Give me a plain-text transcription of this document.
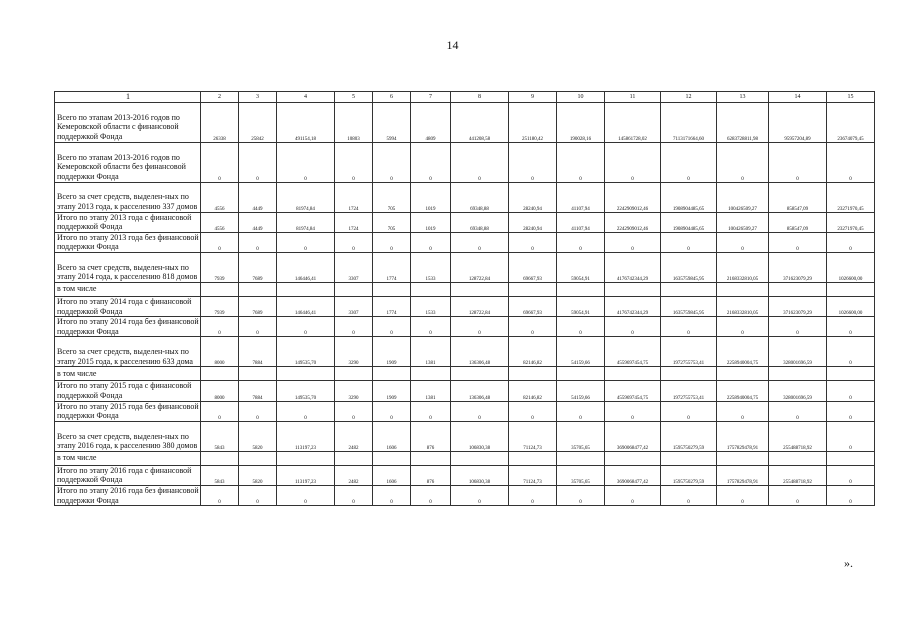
14
1	2	3	4	5	6	7	8	9	10	11	12	13	14	15
Всего по этапам 2013-2016 годов по Кемеровской области с финансовой поддержкой Фонда	26338	25842	491154,18	10803	5994	4809	441208,58	251180,42	190028,16	145861728,02	7113171664,60	6283728811,98	95957204,89	23674079,45
Всего по этапам 2013-2016 годов по Кемеровской области без финансовой поддержки Фонда	0	0	0	0	0	0	0	0	0	0	0	0	0	0
Всего за счет средств, выделен-ных по этапу 2013 года, к расселению 337 домов	4556	4449	81974,84	1724	705	1019	69348,88	28240,94	41107,94	2242909012,46	1908904485,65	100426509,27	858547,09	23271970,45
Итого по этапу 2013 года с финансовой поддержкой Фонда	4556	4449	81974,84	1724	705	1019	69348,88	28240,94	41107,94	2242909012,46	1908904485,65	100426509,27	858547,09	23271970,45
Итого по этапу 2013 года без финансовой поддержки Фонда	0	0	0	0	0	0	0	0	0	0	0	0	0	0
Всего за счет средств, выделен-ных по этапу 2014 года, к расселению 818 домов	7939	7689	146446,41	3307	1774	1533	128722,84	69667,93	59054,91	4176742344,29	1635759845,95	2168332810,05	371623079,29	1026600,00
в том числе														
Итого по этапу 2014 года с финансовой поддержкой Фонда	7939	7689	146446,41	3307	1774	1533	128722,84	69667,93	59054,91	4176742344,29	1635759845,95	2168332810,05	371623079,29	1026600,00
Итого по этапу 2014 года без финансовой поддержки Фонда	0	0	0	0	0	0	0	0	0	0	0	0	0	0
Всего за счет средств, выделен-ных по этапу 2015 года, к расселению 633 дома	8000	7884	149535,70	3290	1909	1381	136306,48	82146,82	54159,66	4559697454,75	1972755753,41	2258940004,75	328001696,59	0
в том числе														
Итого по этапу 2015 года с финансовой поддержкой Фонда	8000	7884	149535,70	3290	1909	1381	136306,48	82146,82	54159,66	4559697454,75	1972755753,41	2258940004,75	328001696,59	0
Итого по этапу 2015 года без финансовой поддержки Фонда	0	0	0	0	0	0	0	0	0	0	0	0	0	0
Всего за счет средств, выделен-ных по этапу 2016 года, к расселению 380 домов	5843	5820	113197,23	2482	1606	876	106830,38	71124,73	35705,65	3690068477,42	1595750279,59	1757829478,91	255488718,92	0
в том числе														
Итого по этапу 2016 года с финансовой поддержкой Фонда	5843	5820	113197,23	2482	1606	876	106830,38	71124,73	35705,65	3690068477,42	1595750279,59	1757829478,91	255488718,92	0
Итого по этапу 2016 года без финансовой поддержки Фонда	0	0	0	0	0	0	0	0	0	0	0	0	0	0
».
